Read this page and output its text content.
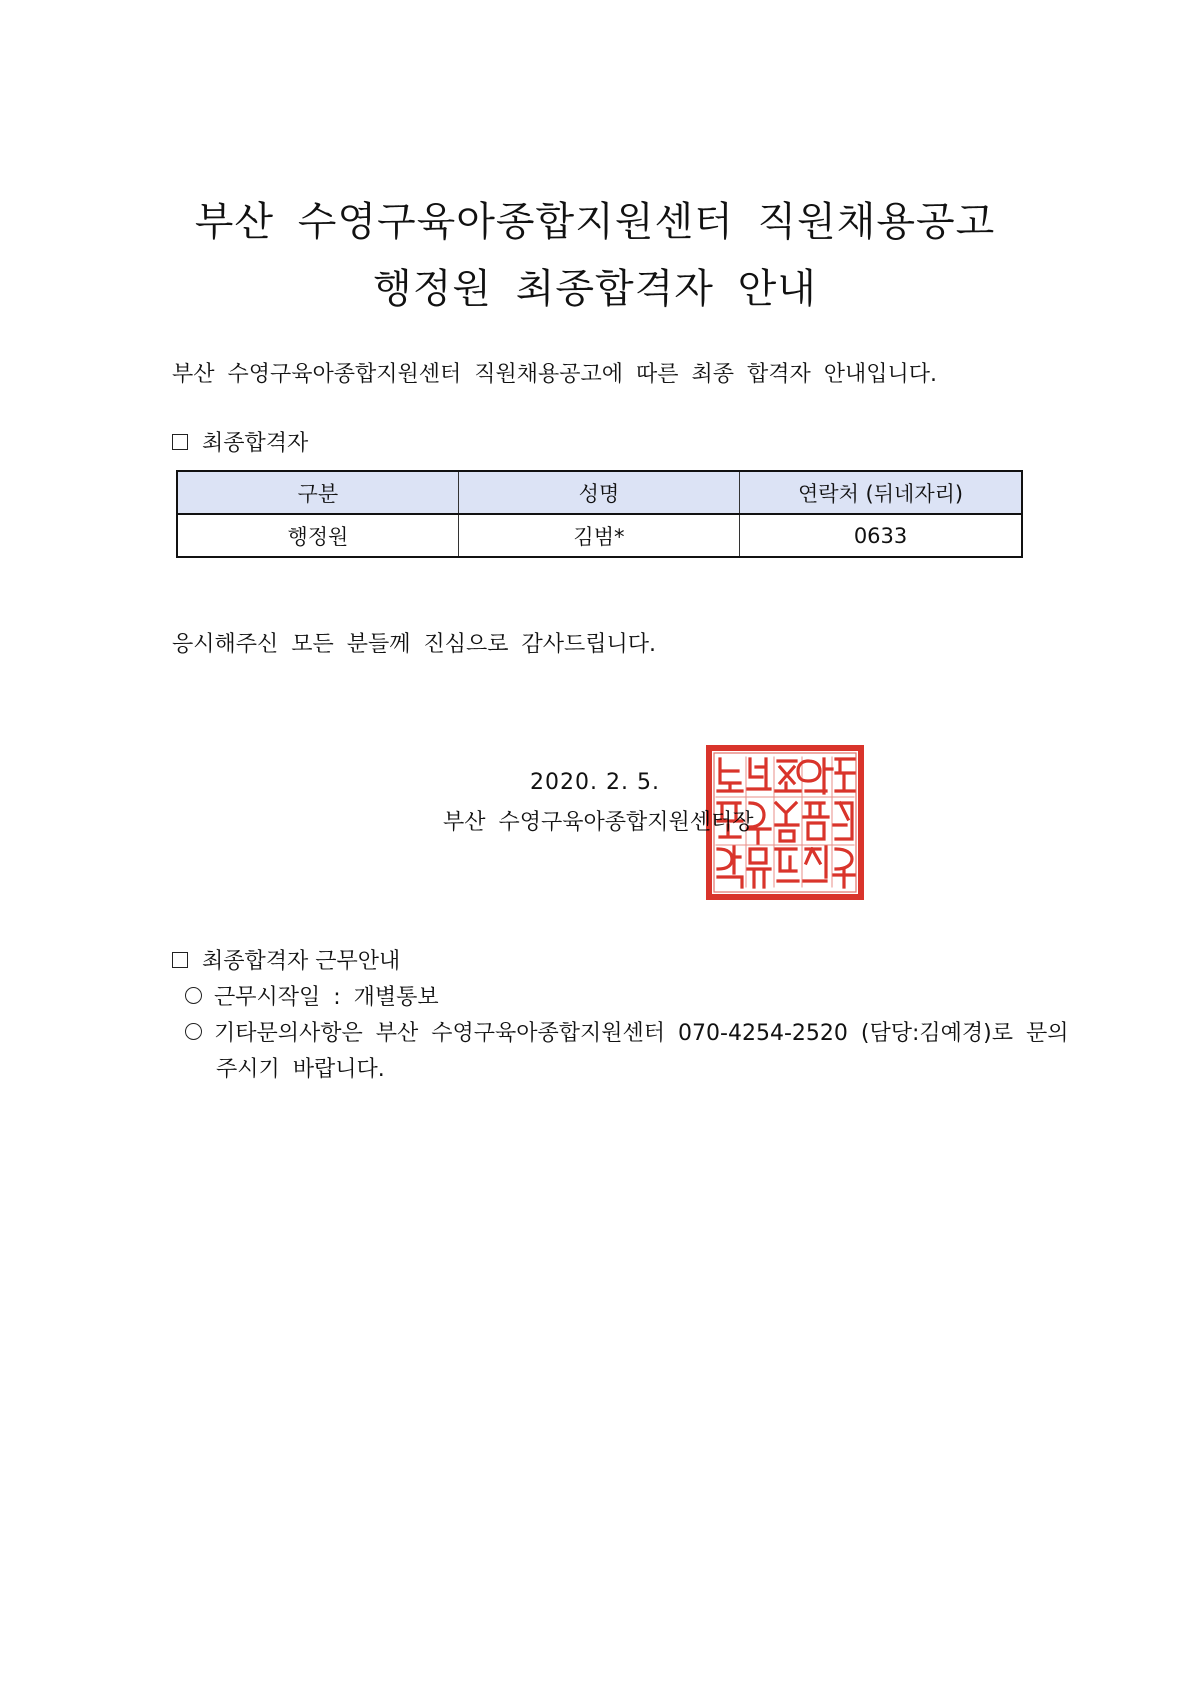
부산 수영구육아종합지원센터 직원채용공고
행정원 최종합격자 안내

부산 수영구육아종합지원센터 직원채용공고에 따른 최종 합격자 안내입니다.

최종합격자
구분	성명	연락처 (뒤네자리)
행정원	김범*	0633

응시해주신 모든 분들께 진심으로 감사드립니다.

2020. 2. 5.
부산 수영구육아종합지원센터장
최종합격자 근무안내
근무시작일 : 개별통보
기타문의사항은 부산 수영구육아종합지원센터 070-4254-2520 (담당:김예경)로 문의
주시기 바랍니다.
